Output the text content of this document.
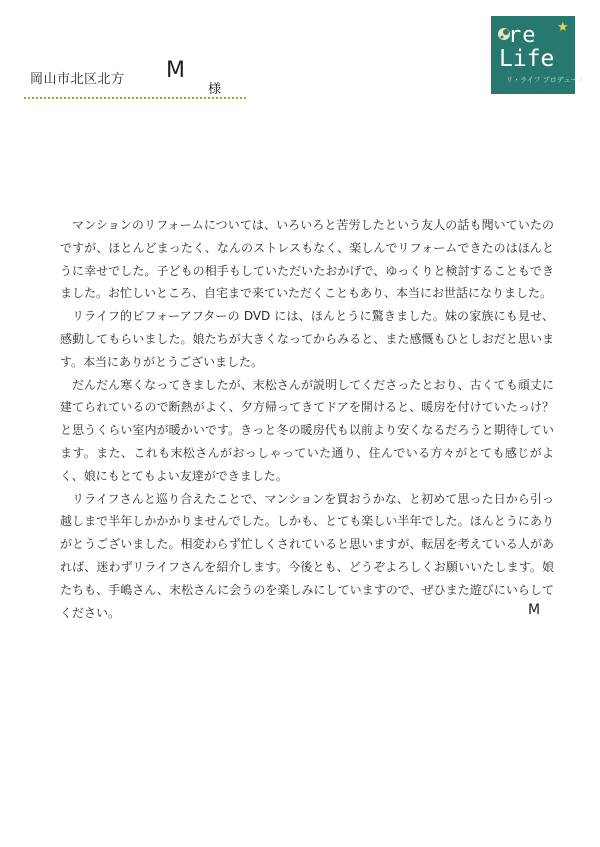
岡山市北区北方 M
様
re ★
Life
リ・ライフ プロデュース

マンションのリフォームについては、いろいろと苦労したという友人の話も聞いていたのですが、ほとんどまったく、なんのストレスもなく、楽しんでリフォームできたのはほんとうに幸せでした。子どもの相手もしていただいたおかげで、ゆっくりと検討することもできました。お忙しいところ、自宅まで来ていただくこともあり、本当にお世話になりました。

リライフ的ビフォーアフターの DVD には、ほんとうに驚きました。妹の家族にも見せ、感動してもらいました。娘たちが大きくなってからみると、また感慨もひとしおだと思います。本当にありがとうございました。

だんだん寒くなってきましたが、末松さんが説明してくださったとおり、古くても頑丈に建てられているので断熱がよく、夕方帰ってきてドアを開けると、暖房を付けていたっけ？と思うくらい室内が暖かいです。きっと冬の暖房代も以前より安くなるだろうと期待しています。また、これも末松さんがおっしゃっていた通り、住んでいる方々がとても感じがよく、娘にもとてもよい友達ができました。

リライフさんと巡り合えたことで、マンションを買おうかな、と初めて思った日から引っ越しまで半年しかかかりませんでした。しかも、とても楽しい半年でした。ほんとうにありがとうございました。相変わらず忙しくされていると思いますが、転居を考えている人があれば、迷わずリライフさんを紹介します。今後とも、どうぞよろしくお願いいたします。娘たちも、手嶋さん、末松さんに会うのを楽しみにしていますので、ぜひまた遊びにいらしてください。	M
